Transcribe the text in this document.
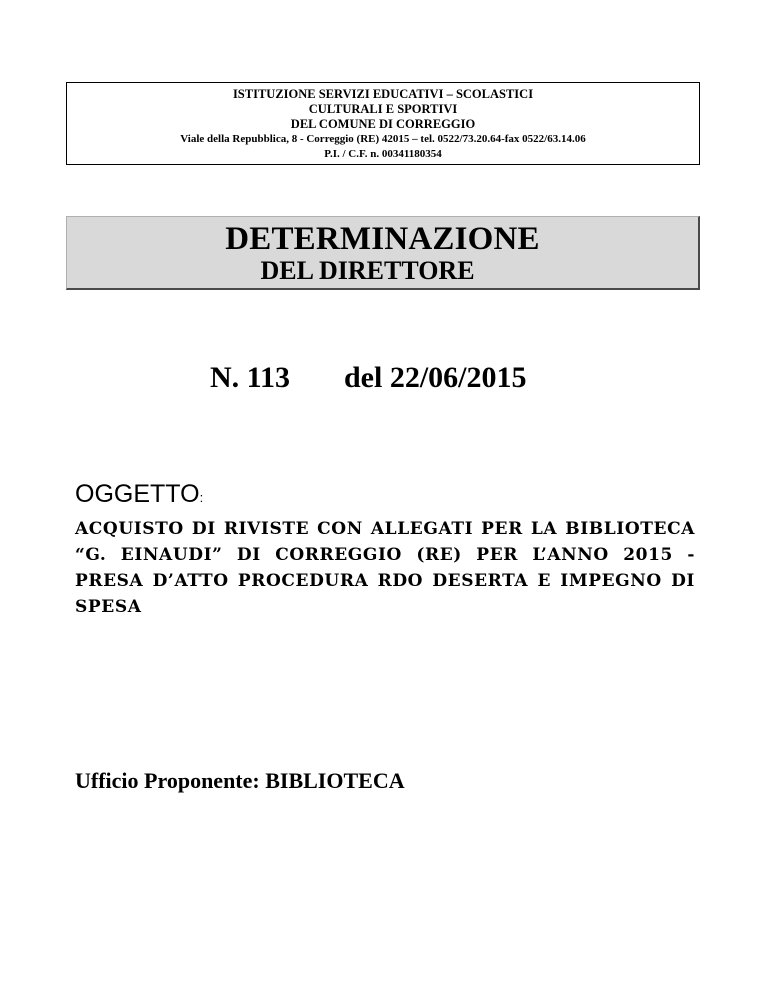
ISTITUZIONE SERVIZI EDUCATIVI – SCOLASTICI
CULTURALI E SPORTIVI
DEL COMUNE DI CORREGGIO
Viale della Repubblica, 8 - Correggio (RE) 42015 – tel. 0522/73.20.64-fax 0522/63.14.06
P.I. / C.F. n. 00341180354
DETERMINAZIONE
DEL DIRETTORE
N. 113 del 22/06/2015
OGGETTO:
ACQUISTO DI RIVISTE CON ALLEGATI PER LA BIBLIOTECA “G. EINAUDI” DI CORREGGIO (RE) PER L’ANNO 2015 - PRESA D’ATTO PROCEDURA RDO DESERTA E IMPEGNO DI SPESA
Ufficio Proponente: BIBLIOTECA
